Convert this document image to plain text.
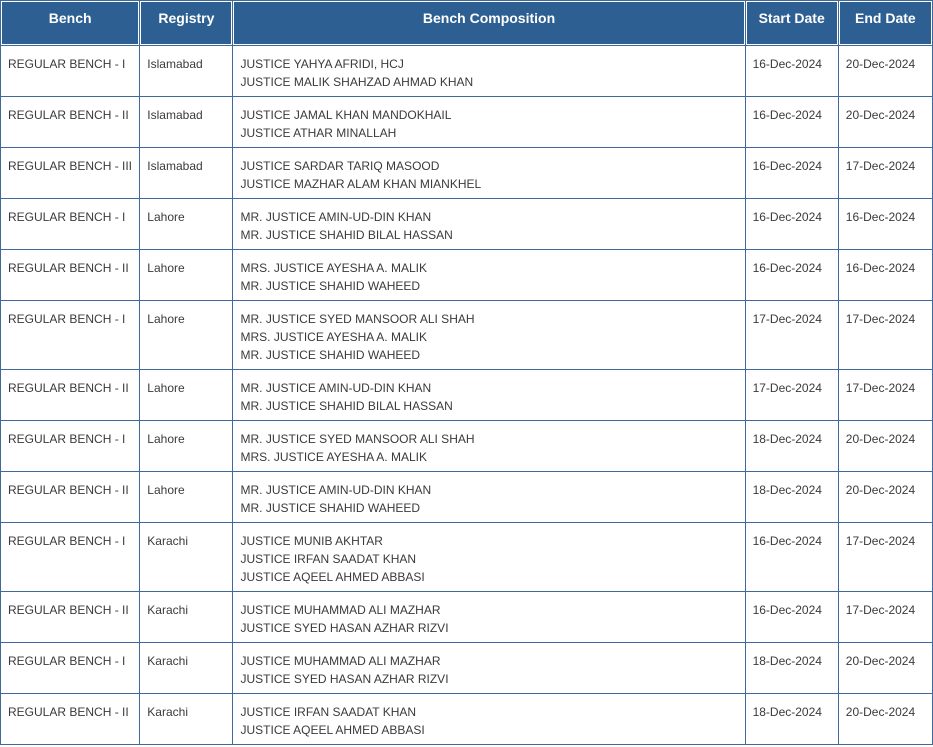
Bench	Registry	Bench Composition	Start Date	End Date
REGULAR BENCH - I	Islamabad	JUSTICE YAHYA AFRIDI, HCJ
JUSTICE MALIK SHAHZAD AHMAD KHAN	16-Dec-2024	20-Dec-2024
REGULAR BENCH - II	Islamabad	JUSTICE JAMAL KHAN MANDOKHAIL
JUSTICE ATHAR MINALLAH	16-Dec-2024	20-Dec-2024
REGULAR BENCH - III	Islamabad	JUSTICE SARDAR TARIQ MASOOD
JUSTICE MAZHAR ALAM KHAN MIANKHEL	16-Dec-2024	17-Dec-2024
REGULAR BENCH - I	Lahore	MR. JUSTICE AMIN-UD-DIN KHAN
MR. JUSTICE SHAHID BILAL HASSAN	16-Dec-2024	16-Dec-2024
REGULAR BENCH - II	Lahore	MRS. JUSTICE AYESHA A. MALIK
MR. JUSTICE SHAHID WAHEED	16-Dec-2024	16-Dec-2024
REGULAR BENCH - I	Lahore	MR. JUSTICE SYED MANSOOR ALI SHAH
MRS. JUSTICE AYESHA A. MALIK
MR. JUSTICE SHAHID WAHEED	17-Dec-2024	17-Dec-2024
REGULAR BENCH - II	Lahore	MR. JUSTICE AMIN-UD-DIN KHAN
MR. JUSTICE SHAHID BILAL HASSAN	17-Dec-2024	17-Dec-2024
REGULAR BENCH - I	Lahore	MR. JUSTICE SYED MANSOOR ALI SHAH
MRS. JUSTICE AYESHA A. MALIK	18-Dec-2024	20-Dec-2024
REGULAR BENCH - II	Lahore	MR. JUSTICE AMIN-UD-DIN KHAN
MR. JUSTICE SHAHID WAHEED	18-Dec-2024	20-Dec-2024
REGULAR BENCH - I	Karachi	JUSTICE MUNIB AKHTAR
JUSTICE IRFAN SAADAT KHAN
JUSTICE AQEEL AHMED ABBASI	16-Dec-2024	17-Dec-2024
REGULAR BENCH - II	Karachi	JUSTICE MUHAMMAD ALI MAZHAR
JUSTICE SYED HASAN AZHAR RIZVI	16-Dec-2024	17-Dec-2024
REGULAR BENCH - I	Karachi	JUSTICE MUHAMMAD ALI MAZHAR
JUSTICE SYED HASAN AZHAR RIZVI	18-Dec-2024	20-Dec-2024
REGULAR BENCH - II	Karachi	JUSTICE IRFAN SAADAT KHAN
JUSTICE AQEEL AHMED ABBASI	18-Dec-2024	20-Dec-2024
